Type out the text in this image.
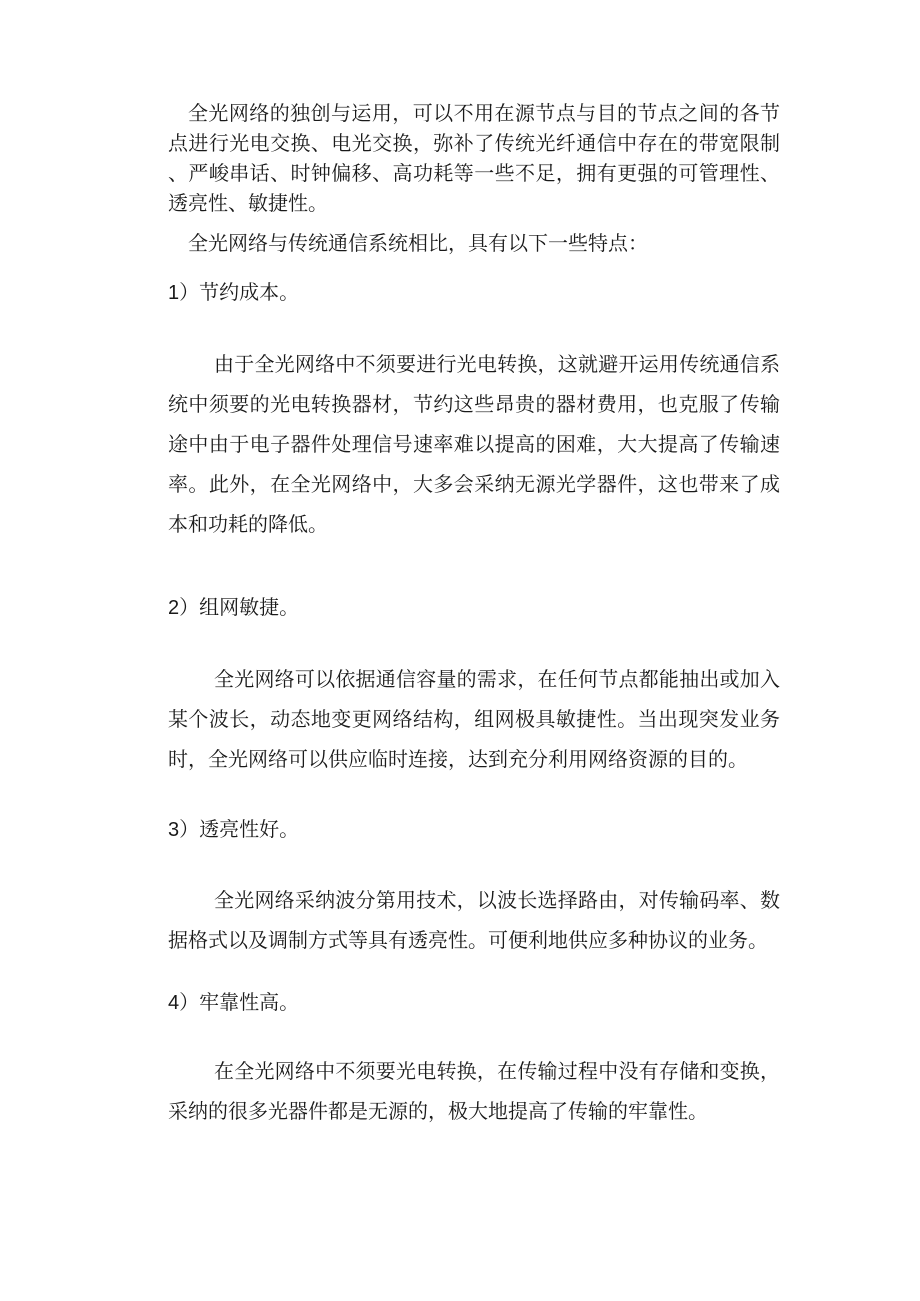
全光网络的独创与运用，可以不用在源节点与目的节点之间的各节点进行光电交换、电光交换，弥补了传统光纤通信中存在的带宽限制、严峻串话、时钟偏移、高功耗等一些不足，拥有更强的可管理性、透亮性、敏捷性。

全光网络与传统通信系统相比，具有以下一些特点：

1）节约成本。

由于全光网络中不须要进行光电转换，这就避开运用传统通信系统中须要的光电转换器材，节约这些昂贵的器材费用，也克服了传输途中由于电子器件处理信号速率难以提高的困难，大大提高了传输速率。此外，在全光网络中，大多会采纳无源光学器件，这也带来了成本和功耗的降低。

2）组网敏捷。

全光网络可以依据通信容量的需求，在任何节点都能抽出或加入某个波长，动态地变更网络结构，组网极具敏捷性。当出现突发业务时，全光网络可以供应临时连接，达到充分利用网络资源的目的。

3）透亮性好。

全光网络采纳波分第用技术，以波长选择路由，对传输码率、数据格式以及调制方式等具有透亮性。可便利地供应多种协议的业务。

4）牢靠性高。

在全光网络中不须要光电转换，在传输过程中没有存储和变换，采纳的很多光器件都是无源的，极大地提高了传输的牢靠性。
